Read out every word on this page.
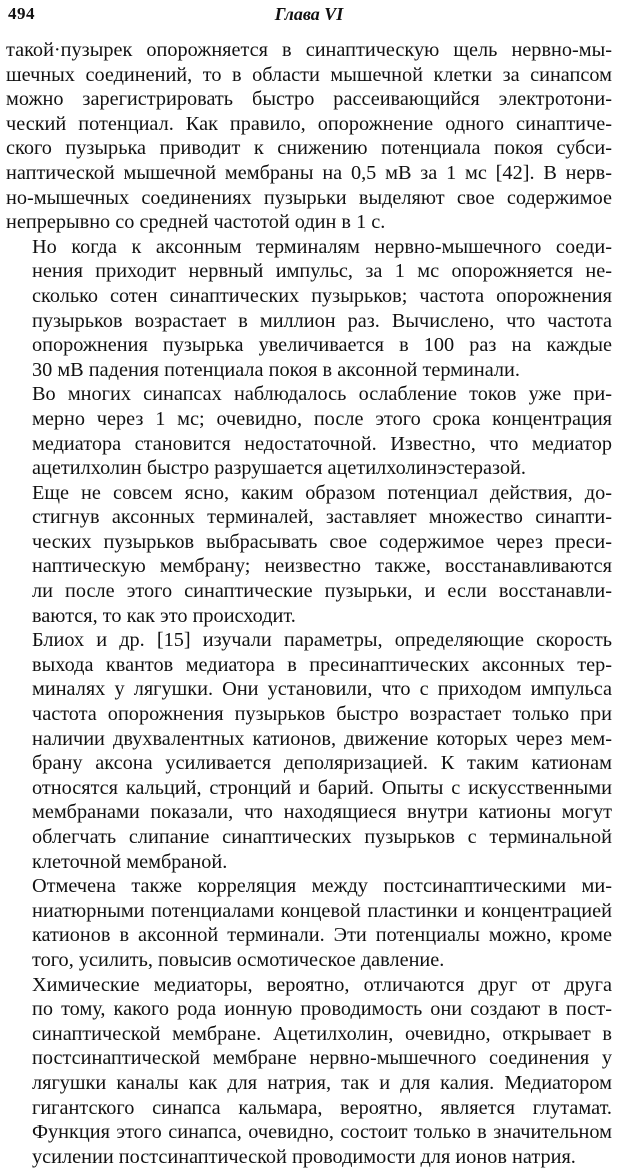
494	Глава VI

такой·пузырек опорожняется в синаптическую щель нервно-мы-
шечных соединений, то в области мышечной клетки за синапсом
можно зарегистрировать быстро рассеивающийся электротони-
ческий потенциал. Как правило, опорожнение одного синаптиче-
ского пузырька приводит к снижению потенциала покоя субси-
наптической мышечной мембраны на 0,5 мВ за 1 мс [42]. В нерв-
но-мышечных соединениях пузырьки выделяют свое содержимое
непрерывно со средней частотой один в 1 с.

Но когда к аксонным терминалям нервно-мышечного соеди-
нения приходит нервный импульс, за 1 мс опорожняется не-
сколько сотен синаптических пузырьков; частота опорожнения
пузырьков возрастает в миллион раз. Вычислено, что частота
опорожнения пузырька увеличивается в 100 раз на каждые
30 мВ падения потенциала покоя в аксонной терминали.

Во многих синапсах наблюдалось ослабление токов уже при-
мерно через 1 мс; очевидно, после этого срока концентрация
медиатора становится недостаточной. Известно, что медиатор
ацетилхолин быстро разрушается ацетилхолинэстеразой.

Еще не совсем ясно, каким образом потенциал действия, до-
стигнув аксонных терминалей, заставляет множество синапти-
ческих пузырьков выбрасывать свое содержимое через преси-
наптическую мембрану; неизвестно также, восстанавливаются
ли после этого синаптические пузырьки, и если восстанавли-
ваются, то как это происходит.

Блиох и др. [15] изучали параметры, определяющие скорость
выхода квантов медиатора в пресинаптических аксонных тер-
миналях у лягушки. Они установили, что с приходом импульса
частота опорожнения пузырьков быстро возрастает только при
наличии двухвалентных катионов, движение которых через мем-
брану аксона усиливается деполяризацией. К таким катионам
относятся кальций, стронций и барий. Опыты с искусственными
мембранами показали, что находящиеся внутри катионы могут
облегчать слипание синаптических пузырьков с терминальной
клеточной мембраной.

Отмечена также корреляция между постсинаптическими ми-
ниатюрными потенциалами концевой пластинки и концентрацией
катионов в аксонной терминали. Эти потенциалы можно, кроме
того, усилить, повысив осмотическое давление.

Химические медиаторы, вероятно, отличаются друг от друга
по тому, какого рода ионную проводимость они создают в пост-
синаптической мембране. Ацетилхолин, очевидно, открывает в
постсинаптической мембране нервно-мышечного соединения у
лягушки каналы как для натрия, так и для калия. Медиатором
гигантского синапса кальмара, вероятно, является глутамат.
Функция этого синапса, очевидно, состоит только в значительном
усилении постсинаптической проводимости для ионов натрия.
